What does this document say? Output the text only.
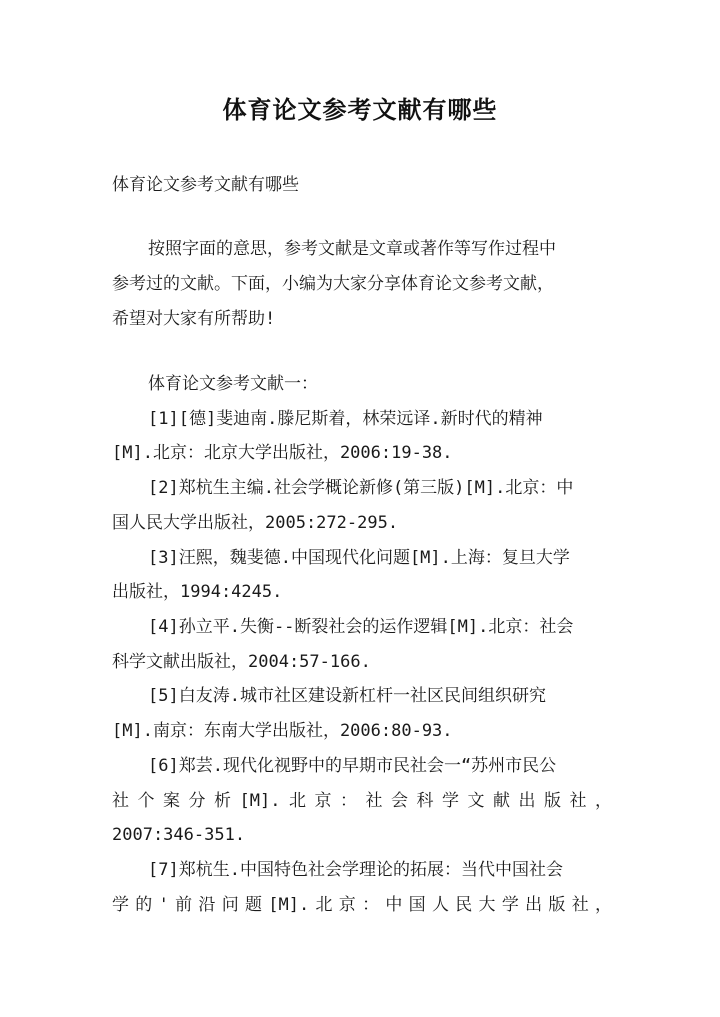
体育论文参考文献有哪些
体育论文参考文献有哪些
按照字面的意思，参考文献是文章或著作等写作过程中
参考过的文献。下面，小编为大家分享体育论文参考文献，
希望对大家有所帮助!
体育论文参考文献一：
[1][德]斐迪南.滕尼斯着，林荣远译.新时代的精神
[M].北京：北京大学出版社，2006:19-38.
[2]郑杭生主编.社会学概论新修(第三版)[M].北京：中
国人民大学出版社，2005:272-295.
[3]汪熙，魏斐德.中国现代化问题[M].上海：复旦大学
出版社，1994:4245.
[4]孙立平.失衡--断裂社会的运作逻辑[M].北京：社会
科学文献出版社，2004:57-166.
[5]白友涛.城市社区建设新杠杆一社区民间组织研究
[M].南京：东南大学出版社，2006:80-93.
[6]郑芸.现代化视野中的早期市民社会一“苏州市民公
社个案分析[M].北京：社会科学文献出版社，
2007:346-351.
[7]郑杭生.中国特色社会学理论的拓展：当代中国社会
学的'前沿问题[M].北京：中国人民大学出版社，
